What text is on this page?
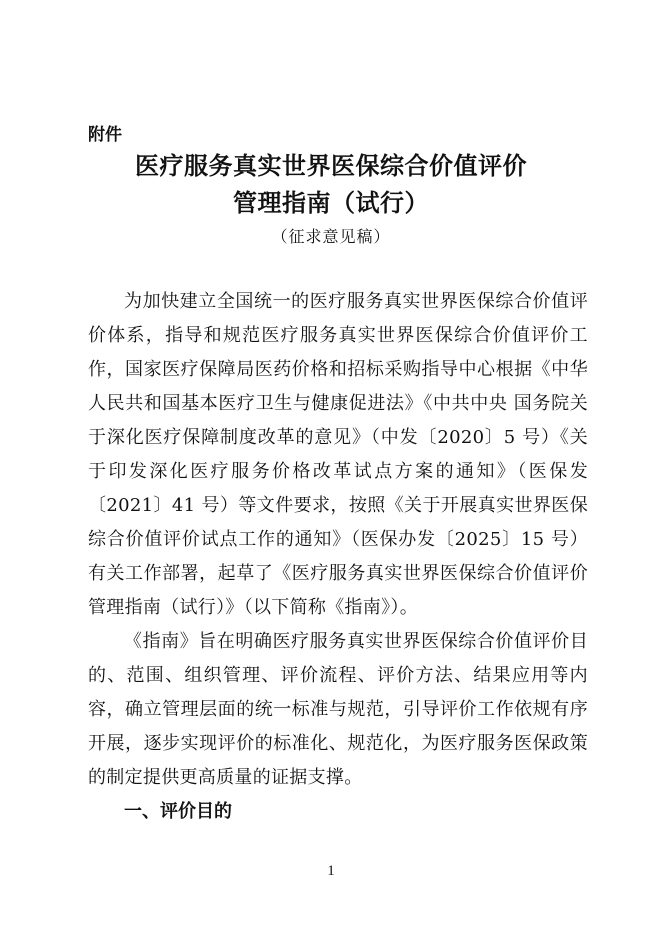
附件
医疗服务真实世界医保综合价值评价
管理指南（试行）
（征求意见稿）

为加快建立全国统一的医疗服务真实世界医保综合价值评价体系，指导和规范医疗服务真实世界医保综合价值评价工作，国家医疗保障局医药价格和招标采购指导中心根据《中华人民共和国基本医疗卫生与健康促进法》《中共中央 国务院关于深化医疗保障制度改革的意见》（中发〔2020〕5 号）《关于印发深化医疗服务价格改革试点方案的通知》（医保发〔2021〕41 号）等文件要求，按照《关于开展真实世界医保综合价值评价试点工作的通知》（医保办发〔2025〕15 号）有关工作部署，起草了《医疗服务真实世界医保综合价值评价管理指南（试行）》（以下简称《指南》）。

《指南》旨在明确医疗服务真实世界医保综合价值评价目的、范围、组织管理、评价流程、评价方法、结果应用等内容，确立管理层面的统一标准与规范，引导评价工作依规有序开展，逐步实现评价的标准化、规范化，为医疗服务医保政策的制定提供更高质量的证据支撑。

一、评价目的

1
